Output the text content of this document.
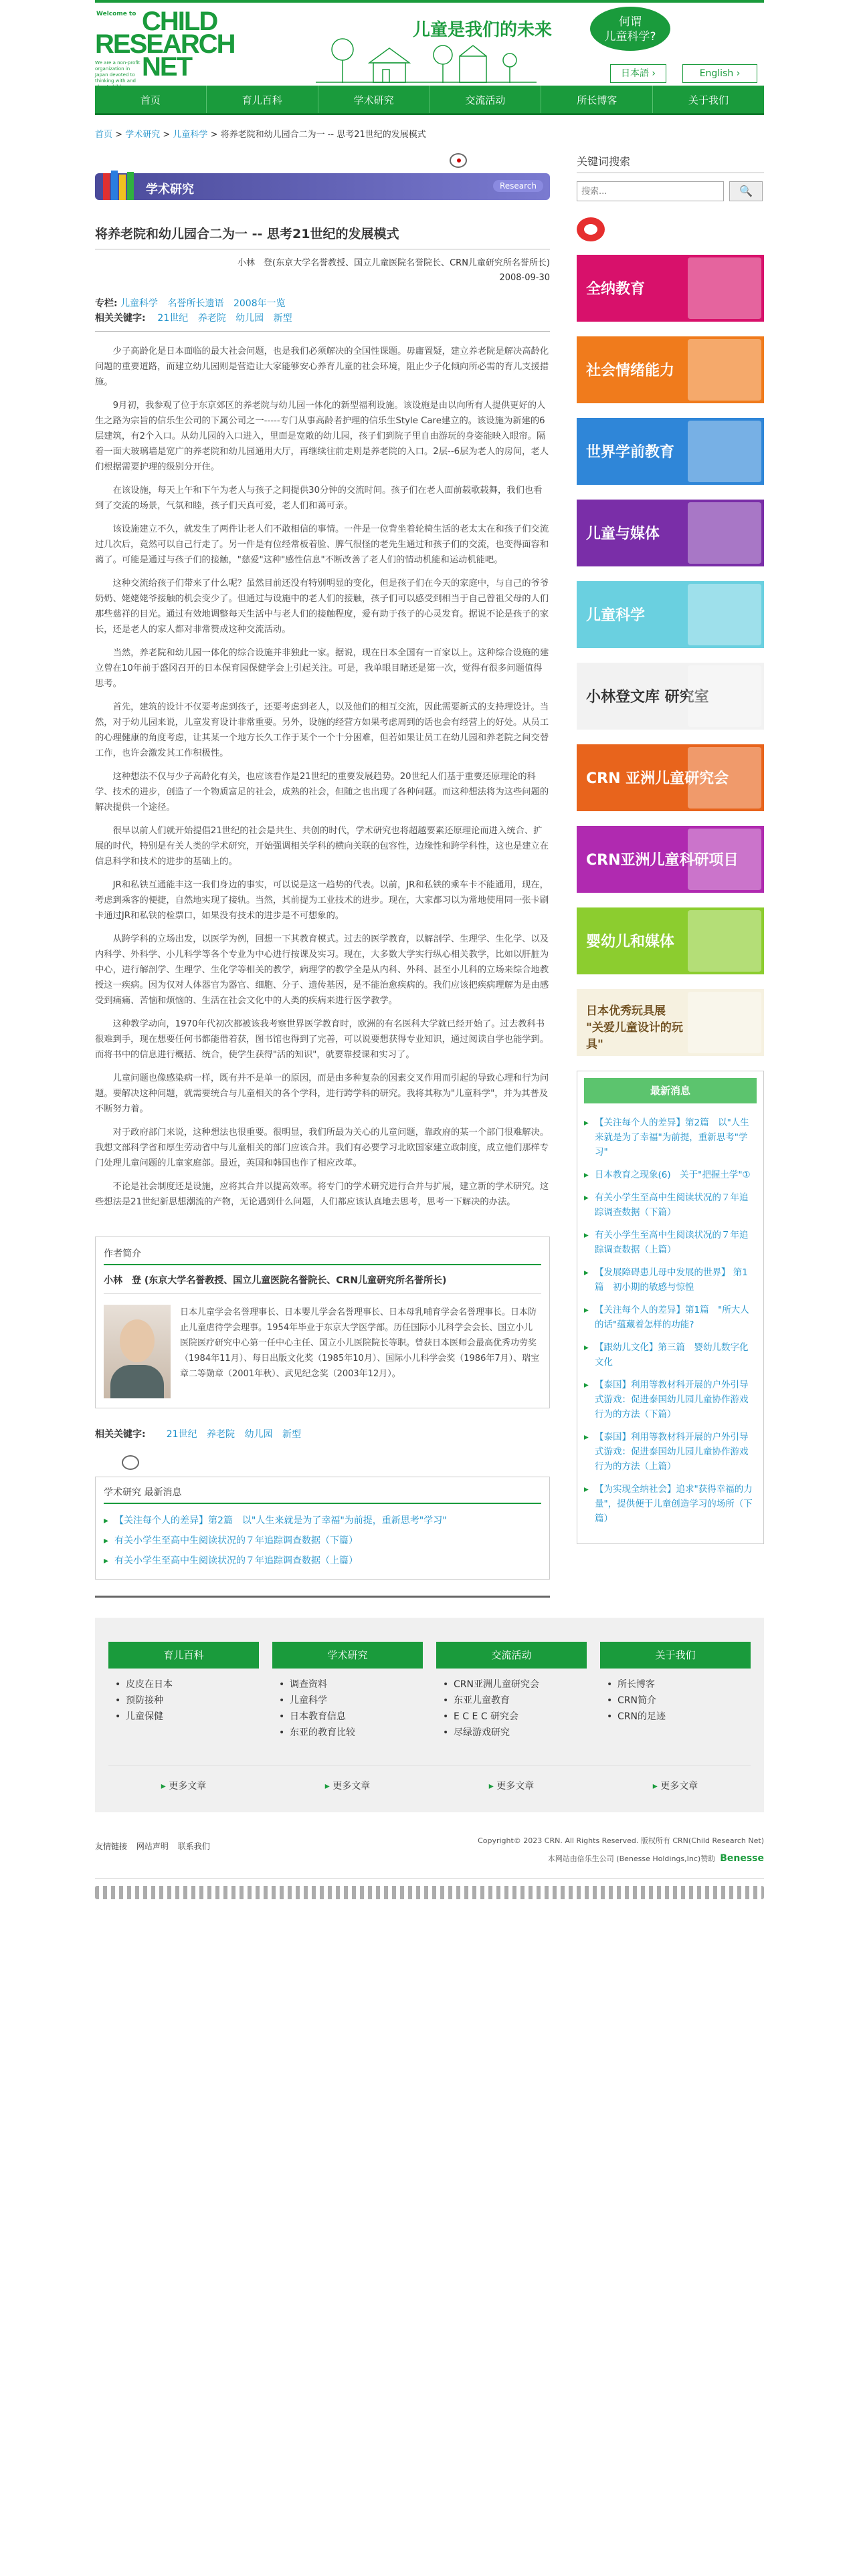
Welcome to CHILD
RESEARCH
NET
We are a non-profit organization in Japan devoted to thinking with and about children
儿童是我们的未来	何谓
儿童科学?
日本語 ›	English ›
首页	育儿百科	学术研究	交流活动	所长博客	关于我们
首页 > 学术研究 > 儿童科学 > 将养老院和幼儿园合二为一 -- 思考21世纪的发展模式
学术研究	Research
将养老院和幼儿园合二为一 -- 思考21世纪的发展模式
小林　登(东京大学名誉教授、国立儿童医院名誉院长、CRN儿童研究所名誉所长)
2008-09-30
专栏: 儿童科学 名誉所长遗语 2008年一览
相关关键字: 21世纪 养老院 幼儿园 新型

少子高龄化是日本面临的最大社会问题，也是我们必须解决的全国性课题。毋庸置疑，建立养老院是解决高龄化问题的重要道路，而建立幼儿园则是营造让大家能够安心养育儿童的社会环境，阻止少子化倾向所必需的育儿支援措施。

9月初，我参观了位于东京郊区的养老院与幼儿园一体化的新型福利设施。该设施是由以向所有人提供更好的人生之路为宗旨的信乐生公司的下属公司之一-----专门从事高龄者护理的信乐生Style Care建立的。该设施为新建的6层建筑，有2个入口。从幼儿园的入口进入，里面是宽敞的幼儿园，孩子们到院子里自由游玩的身姿能映入眼帘。隔着一面大玻璃墙是宽广的养老院和幼儿园通用大厅，再继续往前走则是养老院的入口。2层--6层为老人的房间，老人们根据需要护理的级别分开住。

在该设施，每天上午和下午为老人与孩子之间提供30分钟的交流时间。孩子们在老人面前载歌载舞，我们也看到了交流的场景，气氛和睦，孩子们天真可爱，老人们和蔼可亲。

该设施建立不久，就发生了两件让老人们不敢相信的事情。一件是一位背坐着轮椅生活的老太太在和孩子们交流过几次后，竟然可以自己行走了。另一件是有位经常板着脸、脾气很怪的老先生通过和孩子们的交流，也变得面容和蔼了。可能是通过与孩子们的接触，"慈爱"这种"感性信息"不断改善了老人们的情动机能和运动机能吧。

这种交流给孩子们带来了什么呢？虽然目前还没有特别明显的变化，但是孩子们在今天的家庭中，与自己的爷爷奶奶、姥姥姥爷接触的机会变少了。但通过与设施中的老人们的接触，孩子们可以感受到相当于自己曾祖父母的人们那些慈祥的目光。通过有效地调整每天生活中与老人们的接触程度，爱有助于孩子的心灵发育。据说不论是孩子的家长，还是老人的家人都对非常赞成这种交流活动。

当然，养老院和幼儿园一体化的综合设施并非独此一家。据说，现在日本全国有一百家以上。这种综合设施的建立曾在10年前于盛冈召开的日本保育园保健学会上引起关注。可是，我单眼目睹还是第一次，觉得有很多问题值得思考。

首先，建筑的设计不仅要考虑到孩子，还要考虑到老人，以及他们的相互交流，因此需要新式的支持理设计。当然，对于幼儿园来说，儿童发育设计非常重要。另外，设施的经营方如果考虑周到的话也会有经营上的好处。从员工的心理健康的角度考虑，让其某一个地方长久工作于某个一个十分困难，但若如果让员工在幼儿园和养老院之间交替工作，也许会激发其工作积极性。

这种想法不仅与少子高龄化有关，也应该看作是21世纪的重要发展趋势。20世纪人们基于重要还原理论的科学、技术的进步，创造了一个物质富足的社会，成熟的社会，但随之也出现了各种问题。而这种想法将为这些问题的解决提供一个途径。

很早以前人们就开始提倡21世纪的社会是共生、共创的时代，学术研究也将超越要素还原理论而进入统合、扩展的时代，特别是有关人类的学术研究，开始强调相关学科的横向关联的包容性，边缘性和跨学科性，这也是建立在信息科学和技术的进步的基础上的。

JR和私铁互通能丰这一我们身边的事实，可以说是这一趋势的代表。以前，JR和私铁的乘车卡不能通用，现在，考虑到乘客的便捷，自然地实现了接轨。当然，其前提为工业技术的进步。现在，大家都习以为常地使用同一张卡刷卡通过JR和私铁的检票口，如果没有技术的进步是不可想象的。

从跨学科的立场出发，以医学为例，回想一下其教育模式。过去的医学教育，以解剖学、生理学、生化学、以及内科学、外科学、小儿科学等各个专业为中心进行按课及实习。现在，大多数大学实行纵心相关教学，比如以肝脏为中心，进行解剖学、生理学、生化学等相关的教学，病理学的教学全是从内科、外科、甚至小儿科的立场来综合地教授这一疾病。因为仅对人体器官为器官、细胞、分子、遗传基因，是不能治愈疾病的。我们应该把疾病理解为是由感受到痛痛、苦恼和烦恼的、生活在社会文化中的人类的疾病来进行医学教学。

这种教学动向，1970年代初次都被该我考察世界医学教育时，欧洲的有名医科大学就已经开始了。过去教科书很难到手，现在想要任何书都能借着获，图书馆也得到了完善，可以说要想获得专业知识，通过阅读自学也能学到。而将书中的信息进行概括、统合，使学生获得"活的知识"，就要靠授课和实习了。

儿童问题也像感染病一样，既有并不是单一的原因，而是由多种复杂的因素交叉作用而引起的导致心理和行为问题。要解决这种问题，就需要统合与儿童相关的各个学科，进行跨学科的研究。我将其称为"儿童科学"，并为其普及不断努力着。

对于政府部门来说，这种想法也很重要。很明显，我们所最为关心的儿童问题，靠政府的某一个部门很难解决。我想文部科学省和厚生劳动省中与儿童相关的部门应该合并。我们有必要学习北欧国家建立政制度，成立他们那样专门处理儿童问题的儿童家庭部。最近，英国和韩国也作了相应改革。

不论是社会制度还是设施，应将其合并以提高效率。将专门的学术研究进行合并与扩展，建立新的学术研究。这些想法是21世纪新思想潮流的产物，无论遇到什么问题，人们都应该认真地去思考，思考一下解决的办法。

作者简介
小林　登 (东京大学名誉教授、国立儿童医院名誉院长、CRN儿童研究所名誉所长)
日本儿童学会名誉理事长、日本婴儿学会名誉理事长、日本母乳哺育学会名誉理事长。日本防止儿童虐待学会理事。1954年毕业于东京大学医学部。历任国际小儿科学会会长、国立小儿医院医疗研究中心第一任中心主任、国立小儿医院院长等职。曾获日本医师会最高优秀功劳奖（1984年11月）、每日出版文化奖（1985年10月）、国际小儿科学会奖（1986年7月）、瑞宝章二等勋章（2001年秋）、武见纪念奖（2003年12月）。
相关关键字: 21世纪 养老院 幼儿园 新型
学术研究 最新消息
▸ 【关注每个人的差异】第2篇　以"人生来就是为了幸福"为前提，重新思考"学习"
▸ 有关小学生至高中生阅读状况的７年追踪调查数据（下篇）
▸ 有关小学生至高中生阅读状况的７年追踪调查数据（上篇）
关键词搜索
搜索...
🔍
全纳教育
社会情绪能力
世界学前教育
儿童与媒体
儿童科学
小林登文库 研究室
CRN 亚洲儿童研究会
CRN亚洲儿童科研项目
婴幼儿和媒体
日本优秀玩具展 "关爱儿童设计的玩具"
最新消息
▸ 【关注每个人的差异】第2篇　以"人生来就是为了幸福"为前提，重新思考"学习"
▸ 日本教育之现象(6)　关于"把握土学"①
▸ 有关小学生至高中生阅读状况的７年追踪调查数据（下篇）
▸ 有关小学生至高中生阅读状况的７年追踪调查数据（上篇）
▸ 【发展障碍患儿母中发展的世界】 第1篇　初小期的敏感与惊惶
▸ 【关注每个人的差异】第1篇　"所大人的话"蕴藏着怎样的功能?
▸ 【跟幼儿文化】第三篇　婴幼儿数字化文化
▸ 【泰国】利用等教材科开展的户外引导式游戏：促进泰国幼儿园儿童协作游戏行为的方法（下篇）
▸ 【泰国】利用等教材科开展的户外引导式游戏：促进泰国幼儿园儿童协作游戏行为的方法（上篇）
▸ 【为实现全纳社会】追求"获得幸福的力量"，提供便于儿童创造学习的场所（下篇）
育儿百科
• 皮皮在日本
• 预防接种
• 儿童保健
学术研究
• 调查资料
• 儿童科学
• 日本教育信息
• 东亚的教育比较
交流活动
• CRN亚洲儿童研究会
• 东亚儿童教育
• E C E C 研究会
• 尽绿游戏研究
关于我们
• 所长博客
• CRN简介
• CRN的足迹
▸ 更多文章	▸ 更多文章	▸ 更多文章	▸ 更多文章
友情链接 网站声明 联系我们
Copyright© 2023 CRN. All Rights Reserved. 版权所有 CRN(Child Research Net)
本网站由倍乐生公司 (Benesse Holdings,Inc)赞助 Benesse
